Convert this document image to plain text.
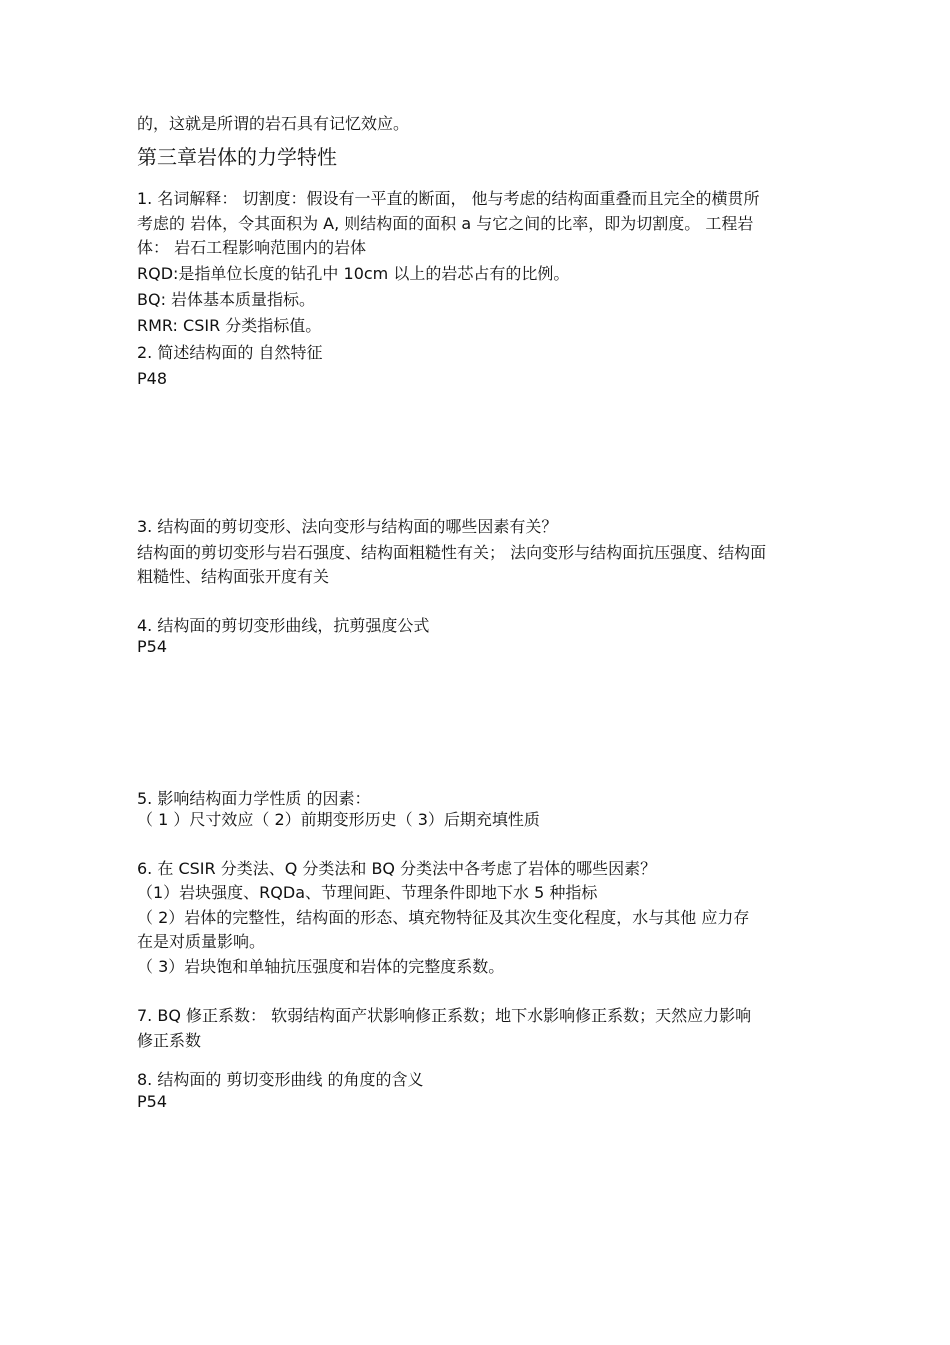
的，这就是所谓的岩石具有记忆效应。
第三章岩体的力学特性
1. 名词解释： 切割度：假设有一平直的断面， 他与考虑的结构面重叠而且完全的横贯所
考虑的 岩体，令其面积为 A, 则结构面的面积 a 与它之间的比率，即为切割度。 工程岩
体： 岩石工程影响范围内的岩体
RQD:是指单位长度的钻孔中 10cm 以上的岩芯占有的比例。
BQ: 岩体基本质量指标。
RMR: CSIR 分类指标值。
2. 简述结构面的 自然特征
P48
3. 结构面的剪切变形、法向变形与结构面的哪些因素有关？
结构面的剪切变形与岩石强度、结构面粗糙性有关； 法向变形与结构面抗压强度、结构面
粗糙性、结构面张开度有关
4. 结构面的剪切变形曲线，抗剪强度公式
P54
5. 影响结构面力学性质 的因素：
（ 1 ）尺寸效应（ 2）前期变形历史（ 3）后期充填性质
6. 在 CSIR 分类法、Q 分类法和 BQ 分类法中各考虑了岩体的哪些因素？
（1）岩块强度、RQDa、节理间距、节理条件即地下水 5 种指标
（ 2）岩体的完整性，结构面的形态、填充物特征及其次生变化程度，水与其他 应力存
在是对质量影响。
（ 3）岩块饱和单轴抗压强度和岩体的完整度系数。
7. BQ 修正系数： 软弱结构面产状影响修正系数；地下水影响修正系数；天然应力影响
修正系数
8. 结构面的 剪切变形曲线 的角度的含义
P54
